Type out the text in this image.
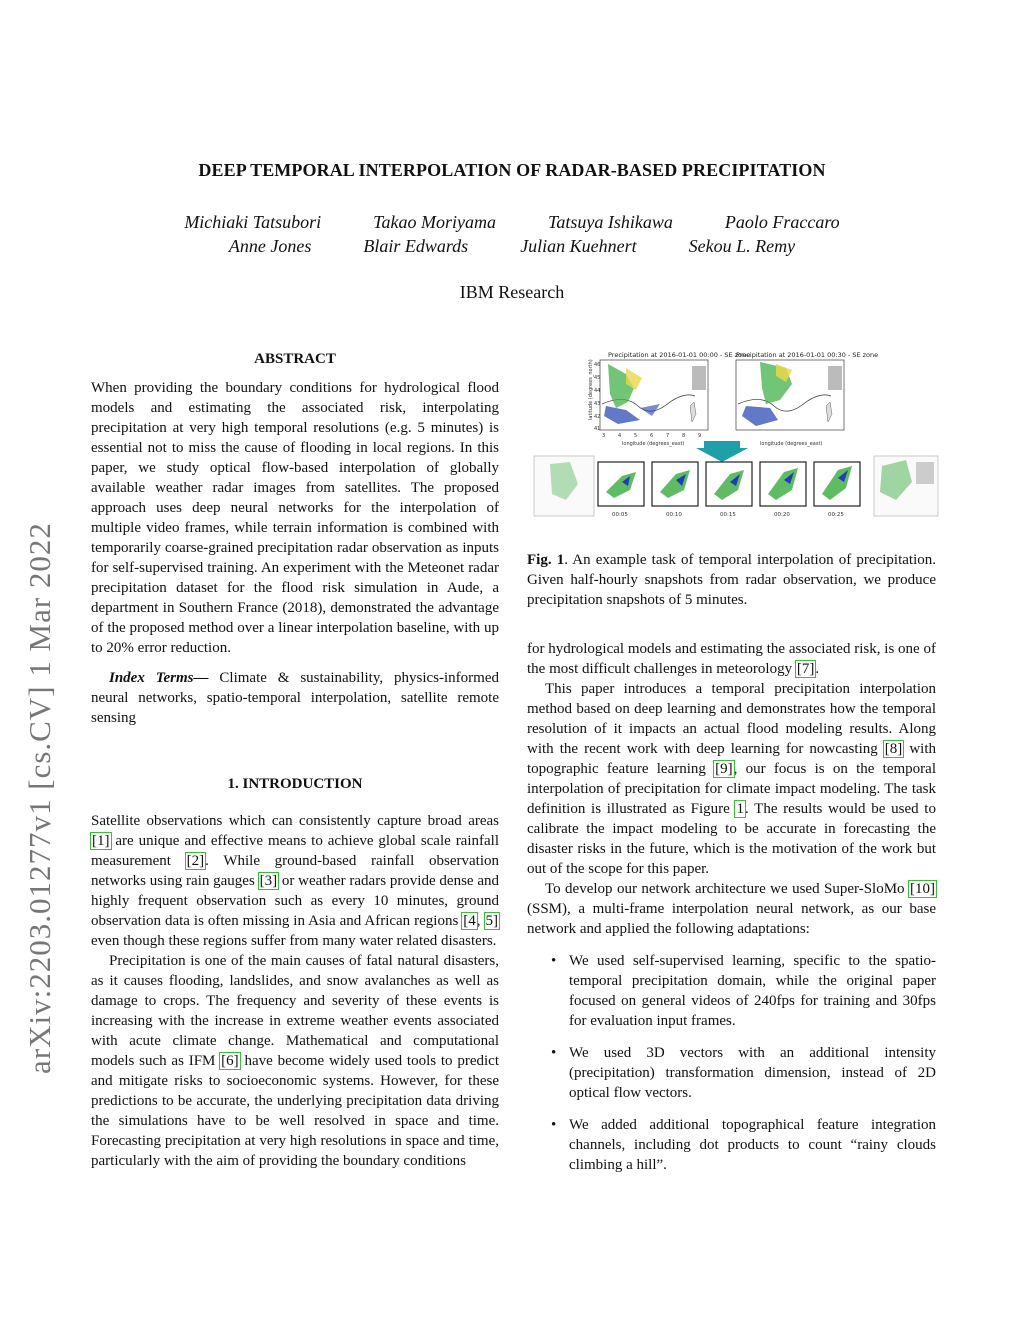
arXiv:2203.01277v1 [cs.CV] 1 Mar 2022
DEEP TEMPORAL INTERPOLATION OF RADAR-BASED PRECIPITATION
Michiaki Tatsubori	Takao Moriyama	Tatsuya Ishikawa	Paolo Fraccaro
Anne Jones	Blair Edwards	Julian Kuehnert	Sekou L. Remy
IBM Research
ABSTRACT

When providing the boundary conditions for hydrological flood models and estimating the associated risk, interpolating precipitation at very high temporal resolutions (e.g. 5 minutes) is essential not to miss the cause of flooding in local regions. In this paper, we study optical flow-based interpolation of globally available weather radar images from satellites. The proposed approach uses deep neural networks for the interpolation of multiple video frames, while terrain information is combined with temporarily coarse-grained precipitation radar observation as inputs for self-supervised training. An experiment with the Meteonet radar precipitation dataset for the flood risk simulation in Aude, a department in Southern France (2018), demonstrated the advantage of the proposed method over a linear interpolation baseline, with up to 20% error reduction.

Index Terms— Climate & sustainability, physics-informed neural networks, spatio-temporal interpolation, satellite remote sensing

1. INTRODUCTION

Satellite observations which can consistently capture broad areas [1] are unique and effective means to achieve global scale rainfall measurement [2]. While ground-based rainfall observation networks using rain gauges [3] or weather radars provide dense and highly frequent observation such as every 10 minutes, ground observation data is often missing in Asia and African regions [4, 5] even though these regions suffer from many water related disasters.

Precipitation is one of the main causes of fatal natural disasters, as it causes flooding, landslides, and snow avalanches as well as damage to crops. The frequency and severity of these events is increasing with the increase in extreme weather events associated with acute climate change. Mathematical and computational models such as IFM [6] have become widely used tools to predict and mitigate risks to socioeconomic systems. However, for these predictions to be accurate, the underlying precipitation data driving the simulations have to be well resolved in space and time. Forecasting precipitation at very high resolutions in space and time, particularly with the aim of providing the boundary conditions

Precipitation at 2016-01-01 00:00 - SE zone
latitude (degrees_north)
longitude (degrees_east)
3	4	5	6	7	8	9
46
45
44
43
42
41
Precipitation at 2016-01-01 00:30 - SE zone
longitude (degrees_east)
00:05	00:10	00:15	00:20	00:25
Fig. 1. An example task of temporal interpolation of precipitation. Given half-hourly snapshots from radar observation, we produce precipitation snapshots of 5 minutes.

for hydrological models and estimating the associated risk, is one of the most difficult challenges in meteorology [7].

This paper introduces a temporal precipitation interpolation method based on deep learning and demonstrates how the temporal resolution of it impacts an actual flood modeling results. Along with the recent work with deep learning for nowcasting [8] with topographic feature learning [9], our focus is on the temporal interpolation of precipitation for climate impact modeling. The task definition is illustrated as Figure 1. The results would be used to calibrate the impact modeling to be accurate in forecasting the disaster risks in the future, which is the motivation of the work but out of the scope for this paper.

To develop our network architecture we used Super-SloMo [10] (SSM), a multi-frame interpolation neural network, as our base network and applied the following adaptations:

• We used self-supervised learning, specific to the spatio-temporal precipitation domain, while the original paper focused on general videos of 240fps for training and 30fps for evaluation input frames.
• We used 3D vectors with an additional intensity (precipitation) transformation dimension, instead of 2D optical flow vectors.
• We added additional topographical feature integration channels, including dot products to count “rainy clouds climbing a hill”.
